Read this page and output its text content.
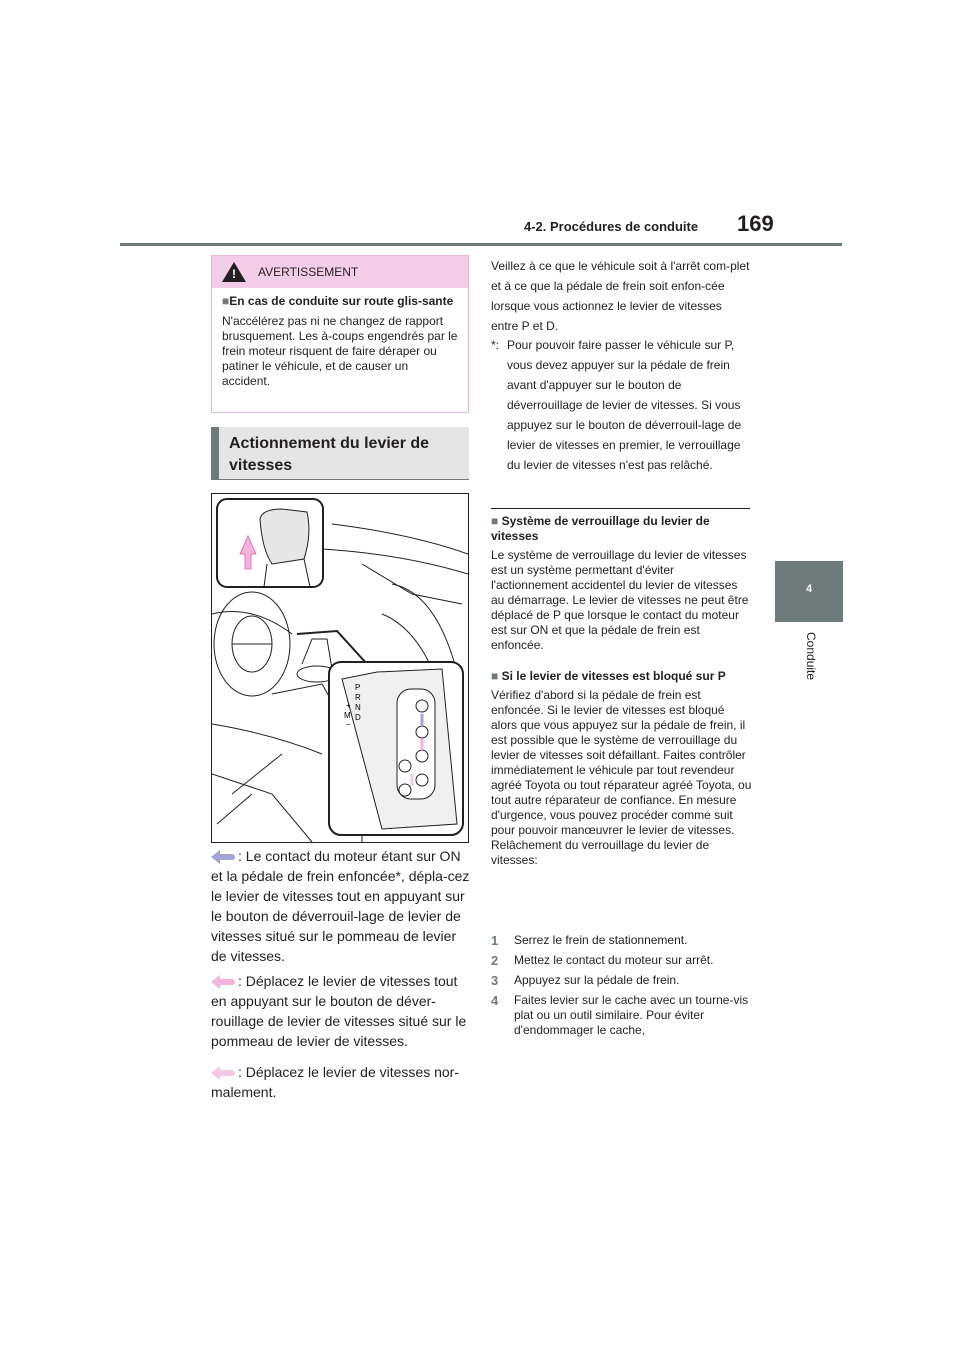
4-2. Procédures de conduite 169
4
Conduite
!
AVERTISSEMENT
■En cas de conduite sur route glis-sante
N'accélérez pas ni ne changez de rapport brusquement. Les à-coups engendrés par le frein moteur risquent de faire déraper ou patiner le véhicule, et de causer un accident.
Actionnement du levier de vitesses
P
R
N
D
+
M
−
: Le contact du moteur étant sur ON et la pédale de frein enfoncée*, dépla-cez le levier de vitesses tout en appuyant sur le bouton de déverrouil-lage de levier de vitesses situé sur le pommeau de levier de vitesses.
: Déplacez le levier de vitesses tout en appuyant sur le bouton de déver-rouillage de levier de vitesses situé sur le pommeau de levier de vitesses.
: Déplacez le levier de vitesses nor-malement.
Veillez à ce que le véhicule soit à l'arrêt com-plet et à ce que la pédale de frein soit enfon-cée lorsque vous actionnez le levier de vitesses entre P et D.
*: Pour pouvoir faire passer le véhicule sur P, vous devez appuyer sur la pédale de frein avant d'appuyer sur le bouton de déverrouillage de levier de vitesses. Si vous appuyez sur le bouton de déverrouil-lage de levier de vitesses en premier, le verrouillage du levier de vitesses n'est pas relâché.
■ Système de verrouillage du levier de vitesses
Le système de verrouillage du levier de vitesses est un système permettant d'éviter l'actionnement accidentel du levier de vitesses au démarrage. Le levier de vitesses ne peut être déplacé de P que lorsque le contact du moteur est sur ON et que la pédale de frein est enfoncée.
■ Si le levier de vitesses est bloqué sur P
Vérifiez d'abord si la pédale de frein est enfoncée. Si le levier de vitesses est bloqué alors que vous appuyez sur la pédale de frein, il est possible que le système de verrouillage du levier de vitesses soit défaillant. Faites contrôler immédiatement le véhicule par tout revendeur agréé Toyota ou tout réparateur agréé Toyota, ou tout autre réparateur de confiance. En mesure d'urgence, vous pouvez procéder comme suit pour pouvoir manœuvrer le levier de vitesses. Relâchement du verrouillage du levier de vitesses:
1	Serrez le frein de stationnement.
2	Mettez le contact du moteur sur arrêt.
3	Appuyez sur la pédale de frein.
4	Faites levier sur le cache avec un tourne-vis plat ou un outil similaire. Pour éviter d'endommager le cache,
